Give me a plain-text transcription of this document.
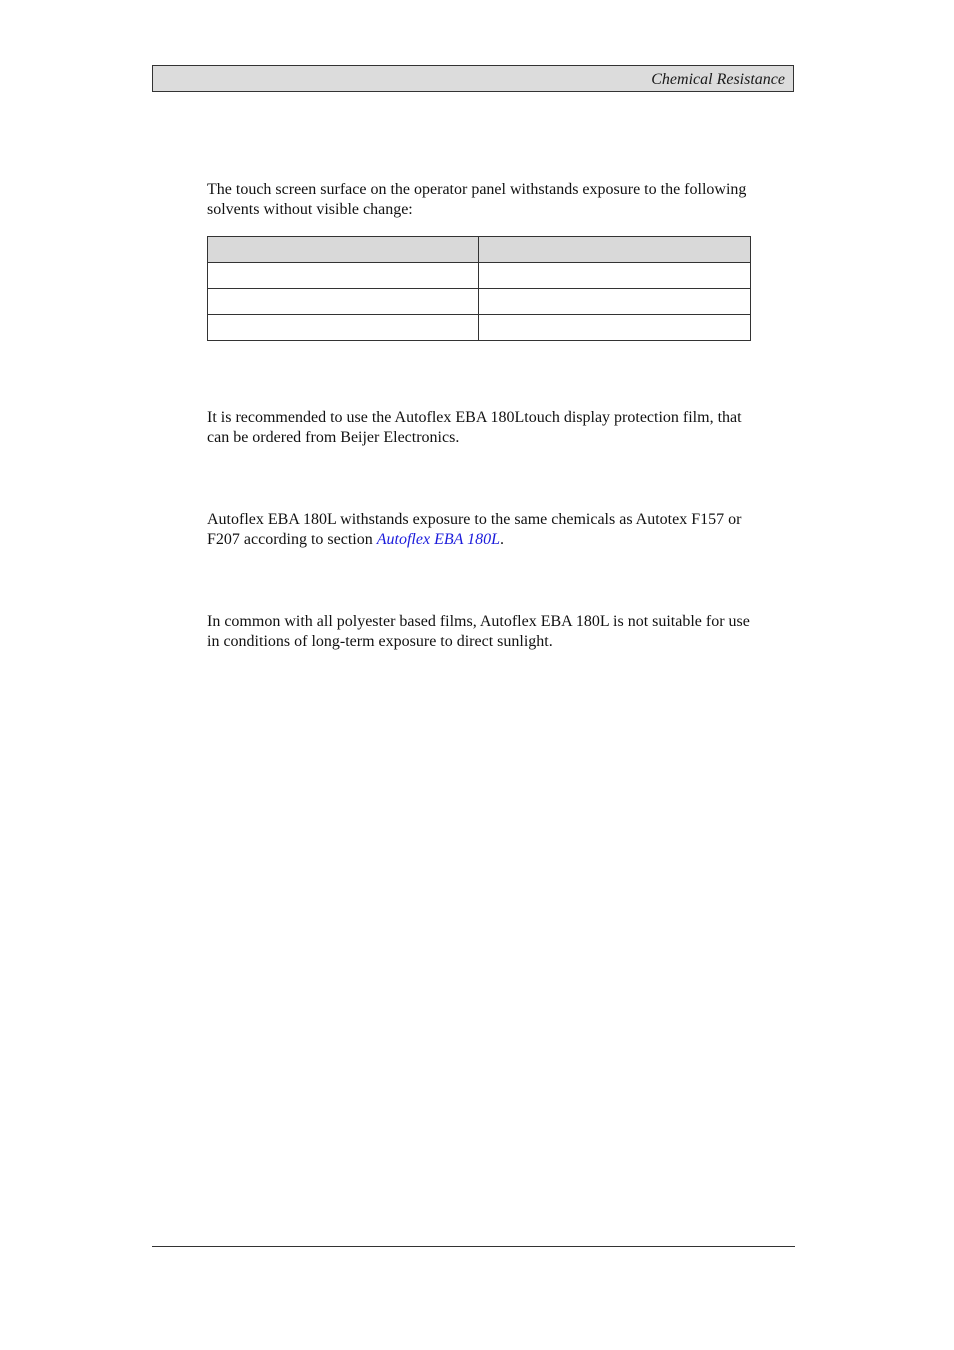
Chemical Resistance

The touch screen surface on the operator panel withstands exposure to the following solvents without visible change:

It is recommended to use the Autoflex EBA 180Ltouch display protection film, that can be ordered from Beijer Electronics.

Autoflex EBA 180L withstands exposure to the same chemicals as Autotex F157 or F207 according to section Autoflex EBA 180L.

In common with all polyester based films, Autoflex EBA 180L is not suitable for use in conditions of long-term exposure to direct sunlight.
